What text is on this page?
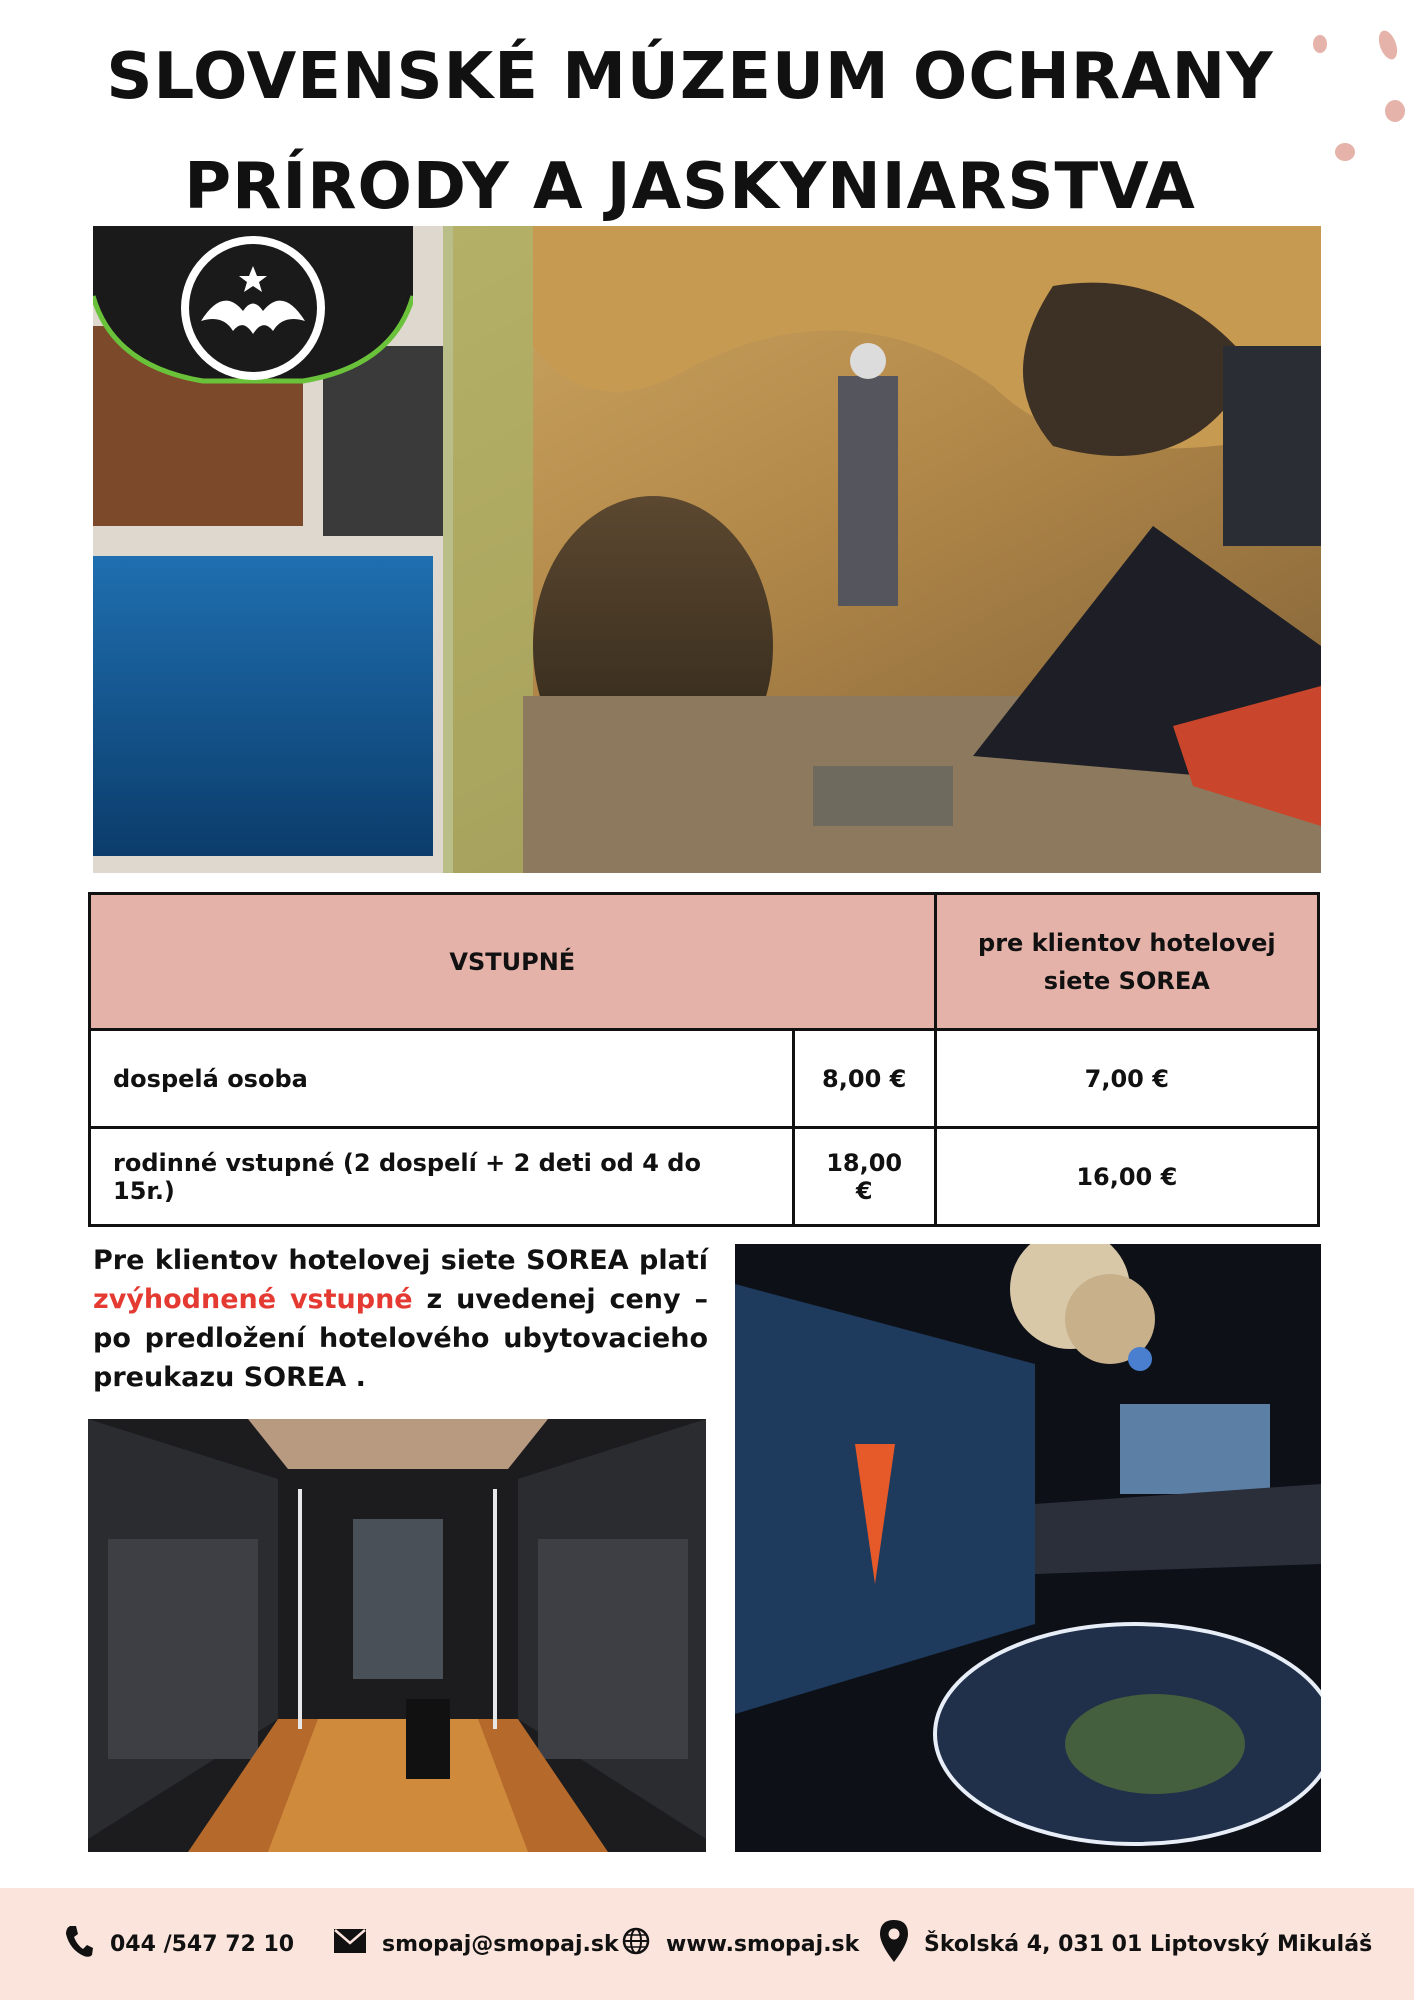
SLOVENSKÉ MÚZEUM OCHRANY
PRÍRODY A JASKYNIARSTVA
VSTUPNÉ		pre klientov hotelovej
siete SOREA
dospelá osoba	8,00 €	7,00 €
rodinné vstupné (2 dospelí + 2 deti od 4 do 15r.)	18,00 €	16,00 €

Pre klientov hotelovej siete SOREA platí zvýhodnené vstupné z uvedenej ceny – po predložení hotelového ubytovacieho preukazu SOREA .

044 /547 72 10	smopaj@smopaj.sk www.smopaj.sk	Školská 4, 031 01 Liptovský Mikuláš
